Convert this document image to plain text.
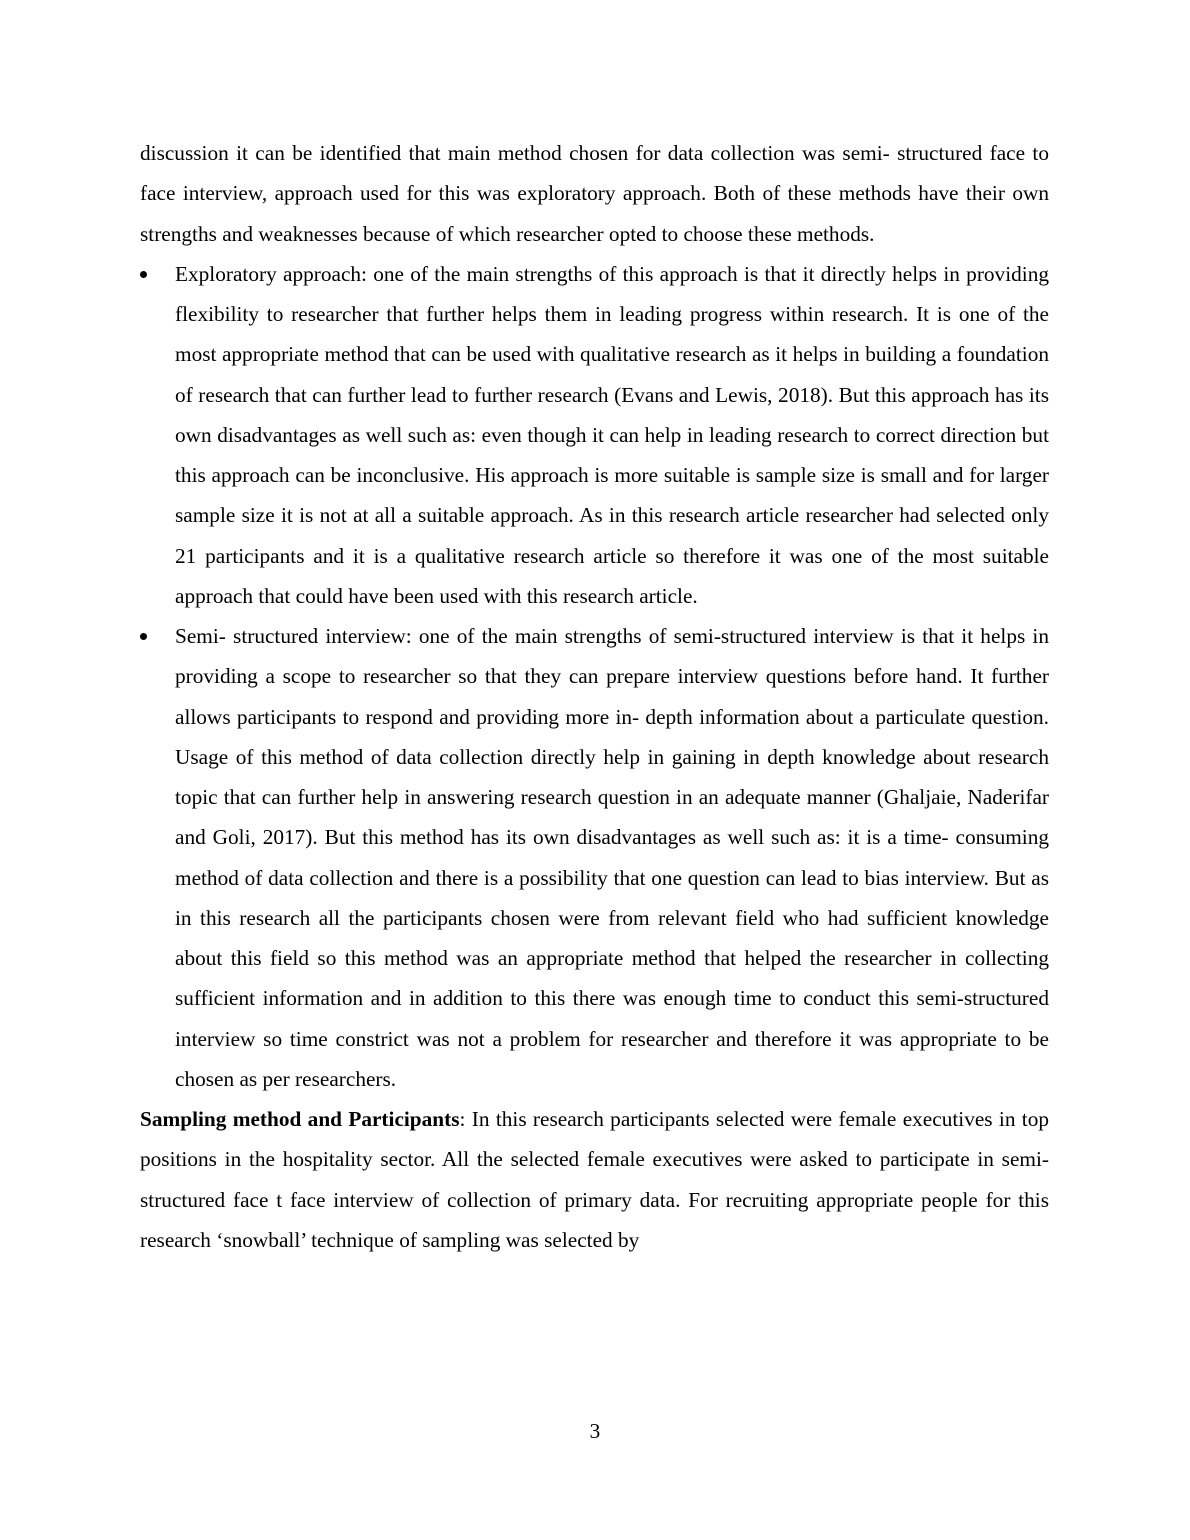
discussion it can be identified that main method chosen for data collection was semi- structured face to face interview, approach used for this was exploratory approach. Both of these methods have their own strengths and weaknesses because of which researcher opted to choose these methods.

Exploratory approach: one of the main strengths of this approach is that it directly helps in providing flexibility to researcher that further helps them in leading progress within research. It is one of the most appropriate method that can be used with qualitative research as it helps in building a foundation of research that can further lead to further research (Evans and Lewis, 2018). But this approach has its own disadvantages as well such as: even though it can help in leading research to correct direction but this approach can be inconclusive. His approach is more suitable is sample size is small and for larger sample size it is not at all a suitable approach. As in this research article researcher had selected only 21 participants and it is a qualitative research article so therefore it was one of the most suitable approach that could have been used with this research article.
Semi- structured interview: one of the main strengths of semi-structured interview is that it helps in providing a scope to researcher so that they can prepare interview questions before hand. It further allows participants to respond and providing more in- depth information about a particulate question. Usage of this method of data collection directly help in gaining in depth knowledge about research topic that can further help in answering research question in an adequate manner (Ghaljaie, Naderifar and Goli, 2017). But this method has its own disadvantages as well such as: it is a time- consuming method of data collection and there is a possibility that one question can lead to bias interview. But as in this research all the participants chosen were from relevant field who had sufficient knowledge about this field so this method was an appropriate method that helped the researcher in collecting sufficient information and in addition to this there was enough time to conduct this semi-structured interview so time constrict was not a problem for researcher and therefore it was appropriate to be chosen as per researchers.

Sampling method and Participants: In this research participants selected were female executives in top positions in the hospitality sector. All the selected female executives were asked to participate in semi-structured face t face interview of collection of primary data. For recruiting appropriate people for this research ‘snowball’ technique of sampling was selected by

3
